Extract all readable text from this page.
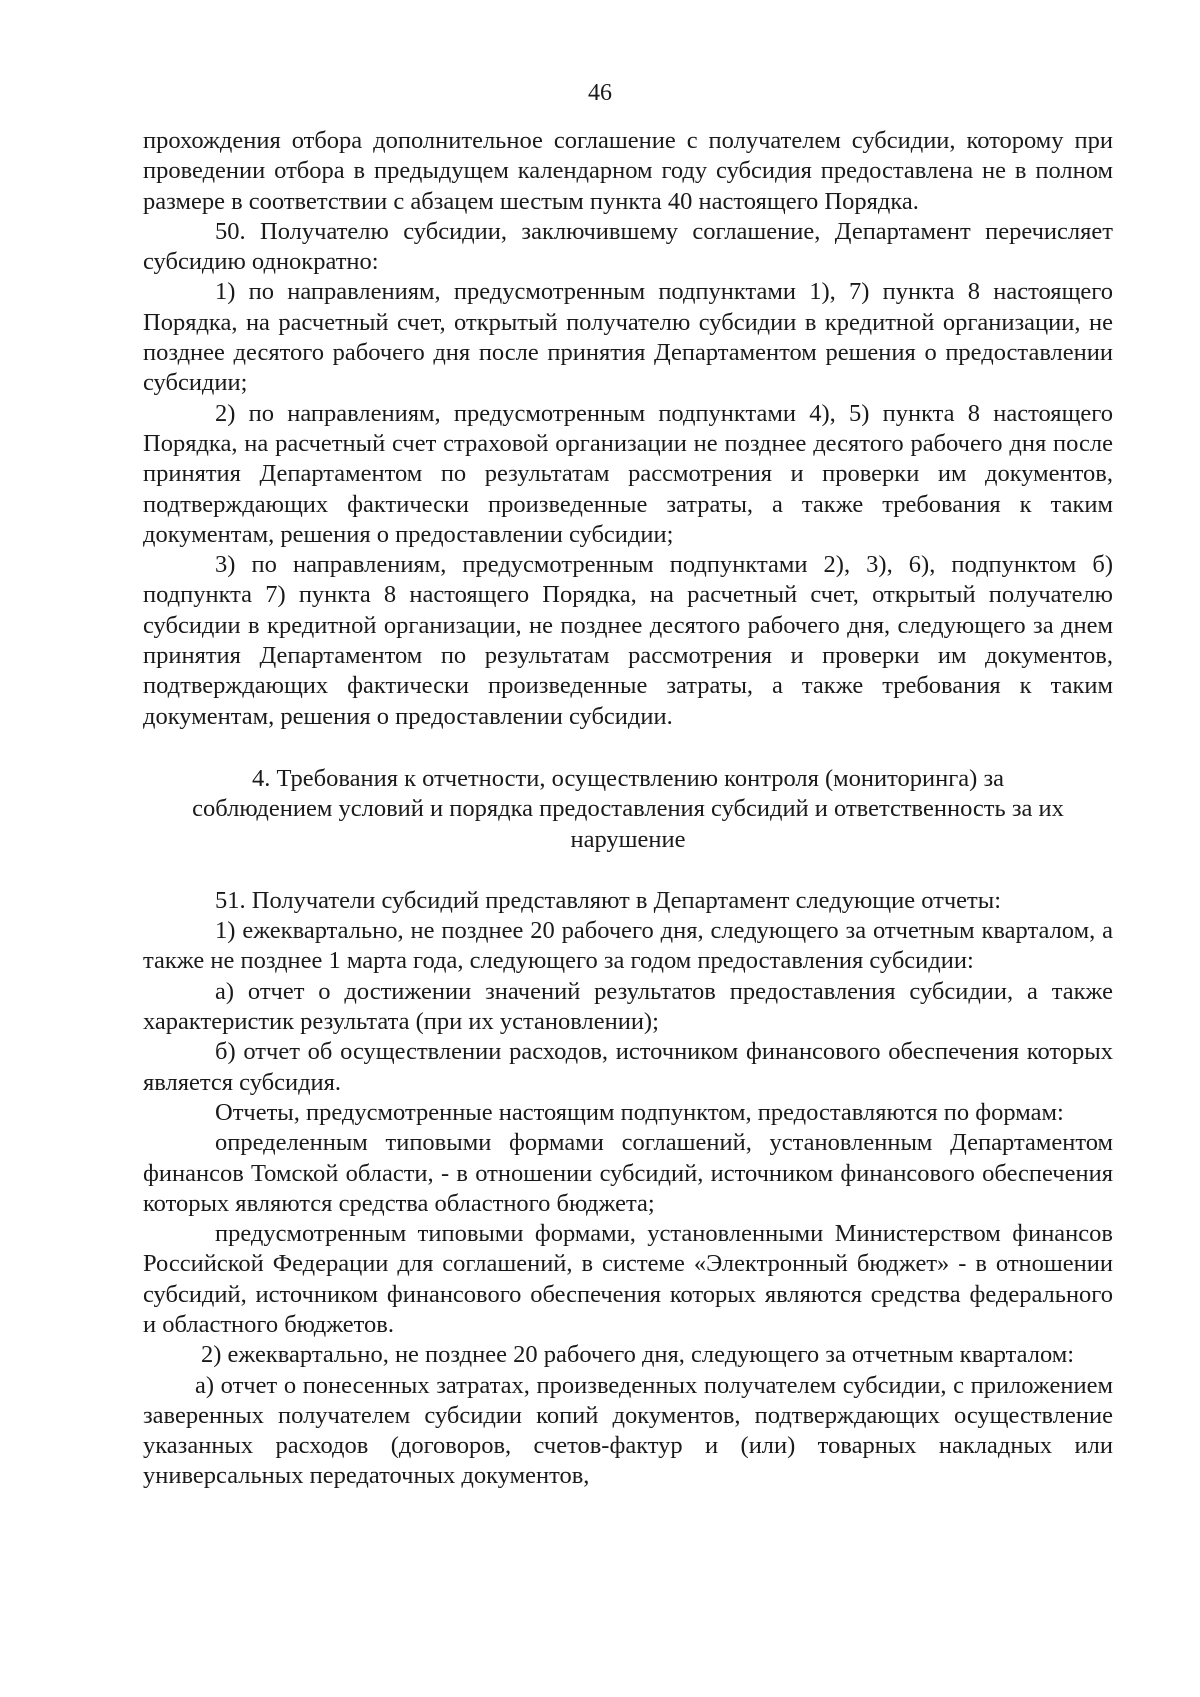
46

прохождения отбора дополнительное соглашение с получателем субсидии, которому при проведении отбора в предыдущем календарном году субсидия предоставлена не в полном размере в соответствии с абзацем шестым пункта 40 настоящего Порядка.

50. Получателю субсидии, заключившему соглашение, Департамент перечисляет субсидию однократно:

1) по направлениям, предусмотренным подпунктами 1), 7) пункта 8 настоящего Порядка, на расчетный счет, открытый получателю субсидии в кредитной организации, не позднее десятого рабочего дня после принятия Департаментом решения о предоставлении субсидии;

2) по направлениям, предусмотренным подпунктами 4), 5) пункта 8 настоящего Порядка, на расчетный счет страховой организации не позднее десятого рабочего дня после принятия Департаментом по результатам рассмотрения и проверки им документов, подтверждающих фактически произведенные затраты, а также требования к таким документам, решения о предоставлении субсидии;

3) по направлениям, предусмотренным подпунктами 2), 3), 6), подпунктом б) подпункта 7) пункта 8 настоящего Порядка, на расчетный счет, открытый получателю субсидии в кредитной организации, не позднее десятого рабочего дня, следующего за днем принятия Департаментом по результатам рассмотрения и проверки им документов, подтверждающих фактически произведенные затраты, а также требования к таким документам, решения о предоставлении субсидии.

4. Требования к отчетности, осуществлению контроля (мониторинга) за
соблюдением условий и порядка предоставления субсидий и ответственность за их
нарушение

51. Получатели субсидий представляют в Департамент следующие отчеты:

1) ежеквартально, не позднее 20 рабочего дня, следующего за отчетным кварталом, а также не позднее 1 марта года, следующего за годом предоставления субсидии:

а) отчет о достижении значений результатов предоставления субсидии, а также характеристик результата (при их установлении);

б) отчет об осуществлении расходов, источником финансового обеспечения которых является субсидия.

Отчеты, предусмотренные настоящим подпунктом, предоставляются по формам:

определенным типовыми формами соглашений, установленным Департаментом финансов Томской области, - в отношении субсидий, источником финансового обеспечения которых являются средства областного бюджета;

предусмотренным типовыми формами, установленными Министерством финансов Российской Федерации для соглашений, в системе «Электронный бюджет» - в отношении субсидий, источником финансового обеспечения которых являются средства федерального и областного бюджетов.

2) ежеквартально, не позднее 20 рабочего дня, следующего за отчетным кварталом:

а) отчет о понесенных затратах, произведенных получателем субсидии, с приложением заверенных получателем субсидии копий документов, подтверждающих осуществление указанных расходов (договоров, счетов-фактур и (или) товарных накладных или универсальных передаточных документов,
